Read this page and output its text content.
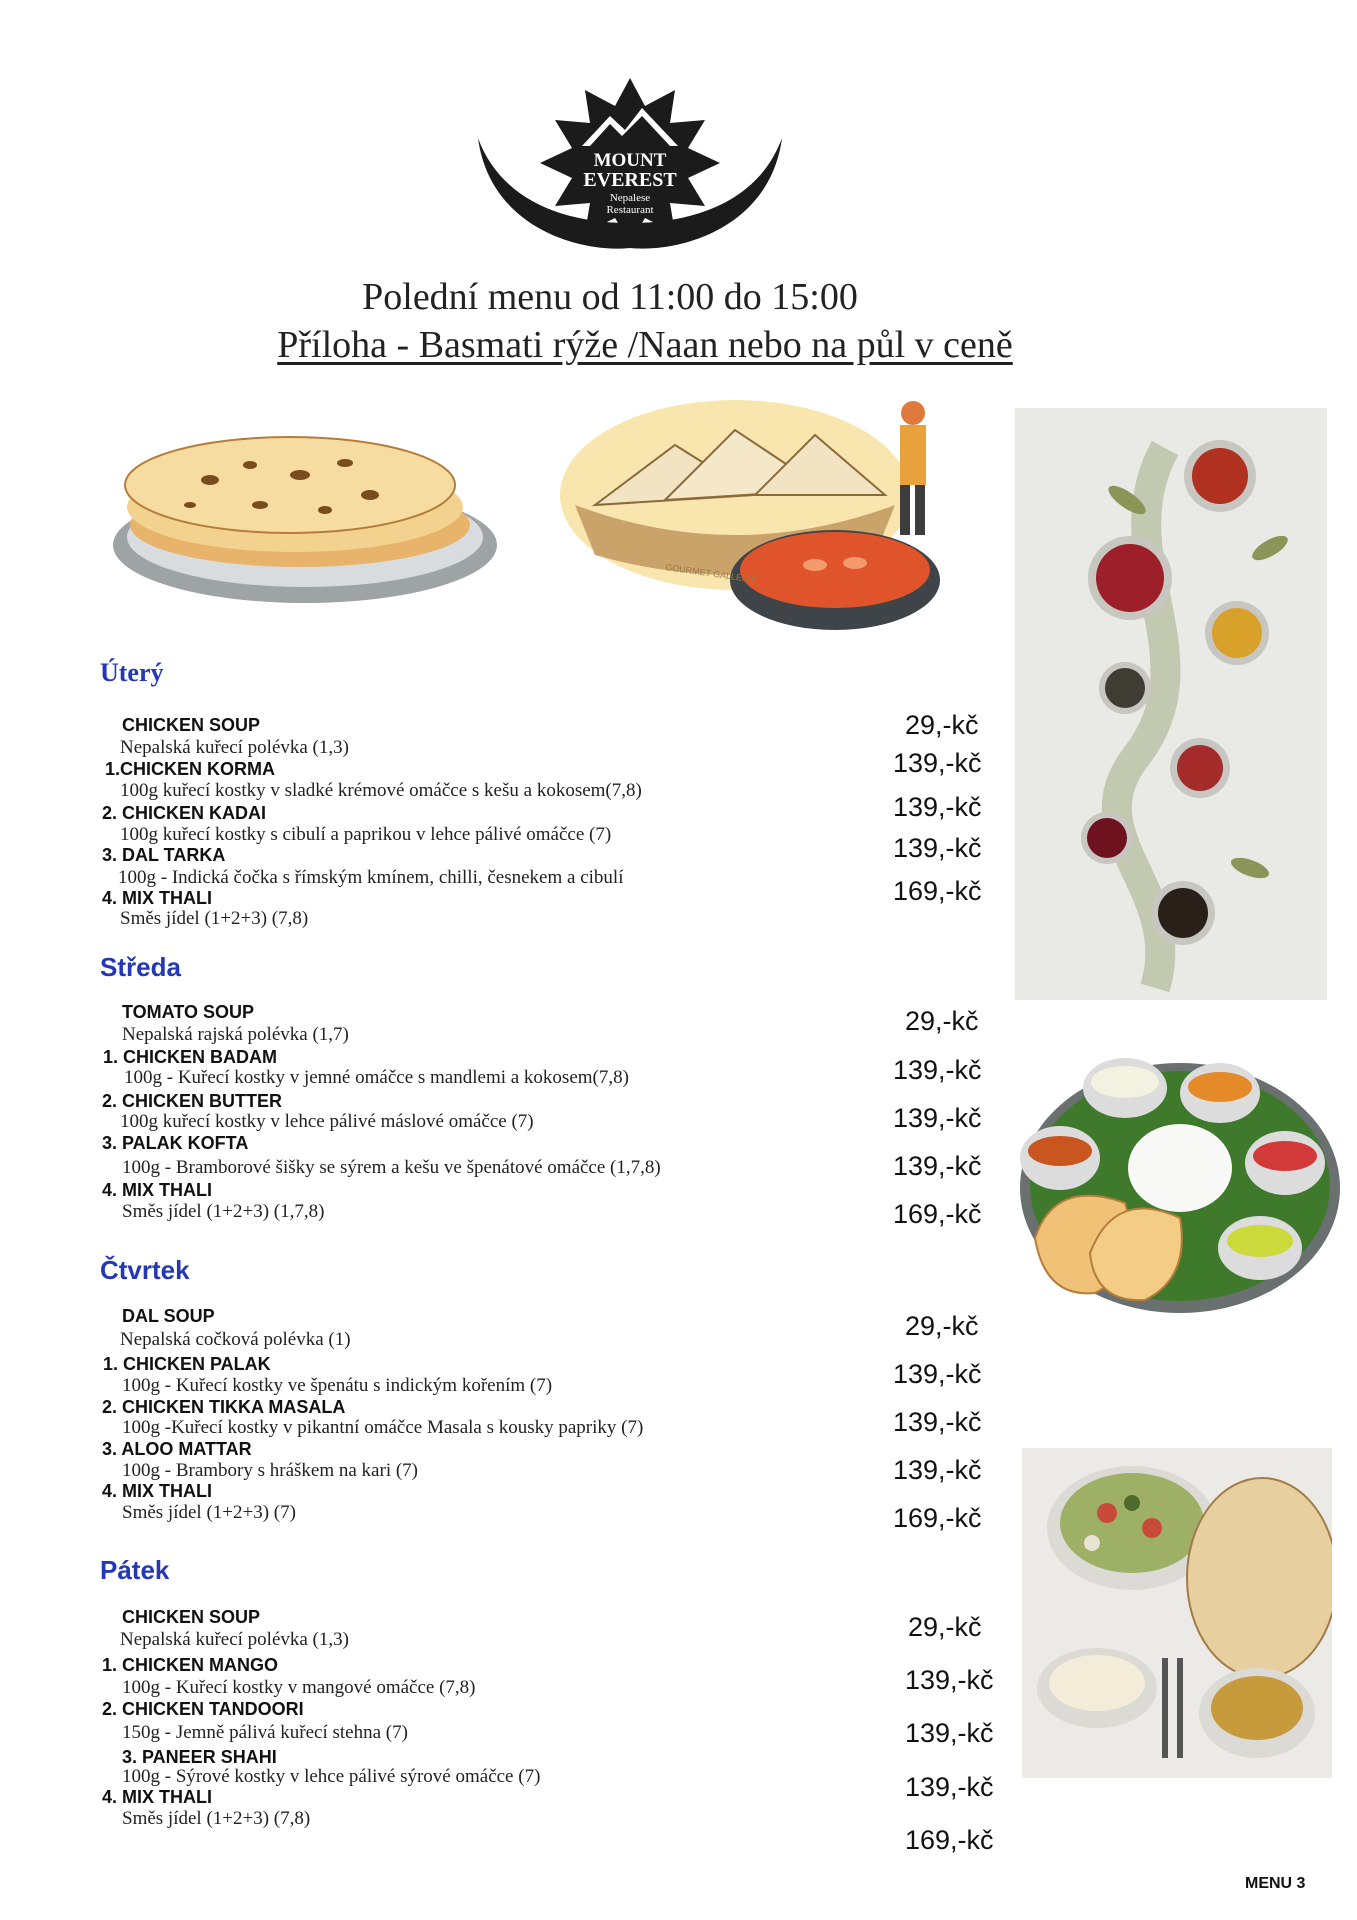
MOUNT
EVEREST
Nepalese
Restaurant
Polední menu od 11:00 do 15:00
Příloha - Basmati rýže /Naan nebo na půl v ceně
GOURMET GALLERIA
Úterý
Středa
Čtvrtek
Pátek
CHICKEN SOUP
Nepalská kuřecí polévka (1,3)
1.CHICKEN KORMA
100g kuřecí kostky v sladké krémové omáčce s kešu a kokosem(7,8)
2. CHICKEN KADAI
100g kuřecí kostky s cibulí a paprikou v lehce pálivé omáčce (7)
3. DAL TARKA
100g - Indická čočka s římským kmínem, chilli, česnekem a cibulí
4. MIX THALI
Směs jídel (1+2+3) (7,8)
29,-kč
139,-kč
139,-kč
139,-kč
169,-kč
TOMATO SOUP
Nepalská rajská polévka (1,7)
1. CHICKEN BADAM
100g - Kuřecí kostky v jemné omáčce s mandlemi a kokosem(7,8)
2. CHICKEN BUTTER
100g kuřecí kostky v lehce pálivé máslové omáčce (7)
3. PALAK KOFTA
100g - Bramborové šišky se sýrem a kešu ve špenátové omáčce (1,7,8)
4. MIX THALI
Směs jídel (1+2+3) (1,7,8)
29,-kč
139,-kč
139,-kč
139,-kč
169,-kč
DAL SOUP
Nepalská cočková polévka (1)
1. CHICKEN PALAK
100g - Kuřecí kostky ve špenátu s indickým kořením (7)
2. CHICKEN TIKKA MASALA
100g -Kuřecí kostky v pikantní omáčce Masala s kousky papriky (7)
3. ALOO MATTAR
100g - Brambory s hráškem na kari (7)
4. MIX THALI
Směs jídel (1+2+3) (7)
29,-kč
139,-kč
139,-kč
139,-kč
169,-kč
CHICKEN SOUP
Nepalská kuřecí polévka (1,3)
1. CHICKEN MANGO
100g - Kuřecí kostky v mangové omáčce (7,8)
2. CHICKEN TANDOORI
150g - Jemně pálivá kuřecí stehna (7)
3. PANEER SHAHI
100g - Sýrové kostky v lehce pálivé sýrové omáčce (7)
4. MIX THALI
Směs jídel (1+2+3) (7,8)
29,-kč
139,-kč
139,-kč
139,-kč
169,-kč
MENU 3
